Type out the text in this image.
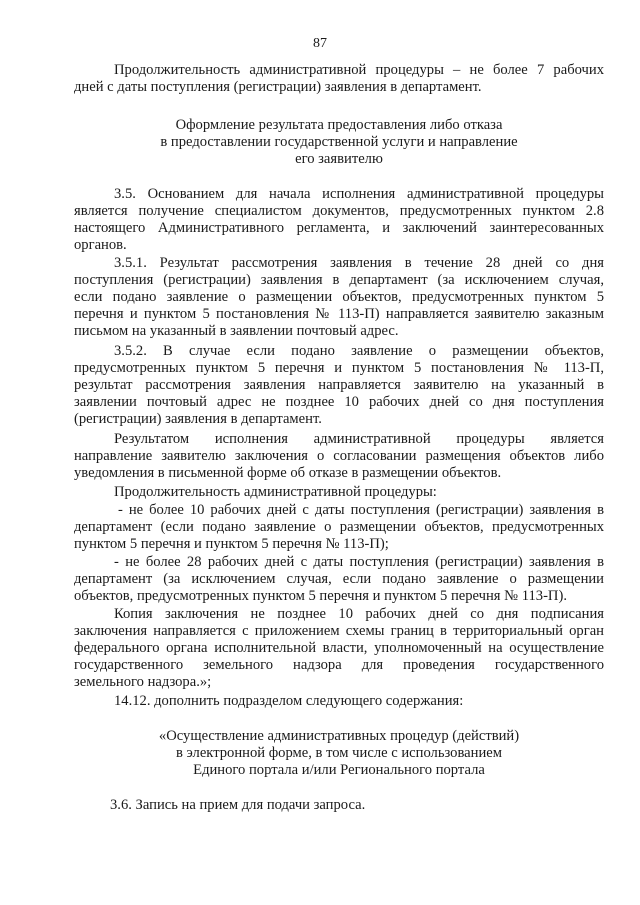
87
Продолжительность административной процедуры – не более 7 рабочих
дней с даты поступления (регистрации) заявления в департамент.
Оформление результата предоставления либо отказа
в предоставлении государственной услуги и направление
его заявителю
3.5. Основанием для начала исполнения административной процедуры
является получение специалистом документов, предусмотренных пунктом 2.8
настоящего Административного регламента, и заключений заинтересованных
органов.
3.5.1. Результат рассмотрения заявления в течение 28 дней со дня
поступления (регистрации) заявления в департамент (за исключением случая,
если подано заявление о размещении объектов, предусмотренных пунктом 5
перечня и пунктом 5 постановления № 113-П) направляется заявителю заказным
письмом на указанный в заявлении почтовый адрес.
3.5.2. В случае если подано заявление о размещении объектов,
предусмотренных пунктом 5 перечня и пунктом 5 постановления № 113-П,
результат рассмотрения заявления направляется заявителю на указанный в
заявлении почтовый адрес не позднее 10 рабочих дней со дня поступления
(регистрации) заявления в департамент.
Результатом исполнения административной процедуры является
направление заявителю заключения о согласовании размещения объектов либо
уведомления в письменной форме об отказе в размещении объектов.
Продолжительность административной процедуры:
- не более 10 рабочих дней с даты поступления (регистрации) заявления в
департамент (если подано заявление о размещении объектов, предусмотренных
пунктом 5 перечня и пунктом 5 перечня № 113-П);
- не более 28 рабочих дней с даты поступления (регистрации) заявления в
департамент (за исключением случая, если подано заявление о размещении
объектов, предусмотренных пунктом 5 перечня и пунктом 5 перечня № 113-П).
Копия заключения не позднее 10 рабочих дней со дня подписания
заключения направляется с приложением схемы границ в территориальный орган
федерального органа исполнительной власти, уполномоченный на осуществление
государственного земельного надзора для проведения государственного
земельного надзора.»;
14.12. дополнить подразделом следующего содержания:
«Осуществление административных процедур (действий)
в электронной форме, в том числе с использованием
Единого портала и/или Регионального портала
3.6. Запись на прием для подачи запроса.
